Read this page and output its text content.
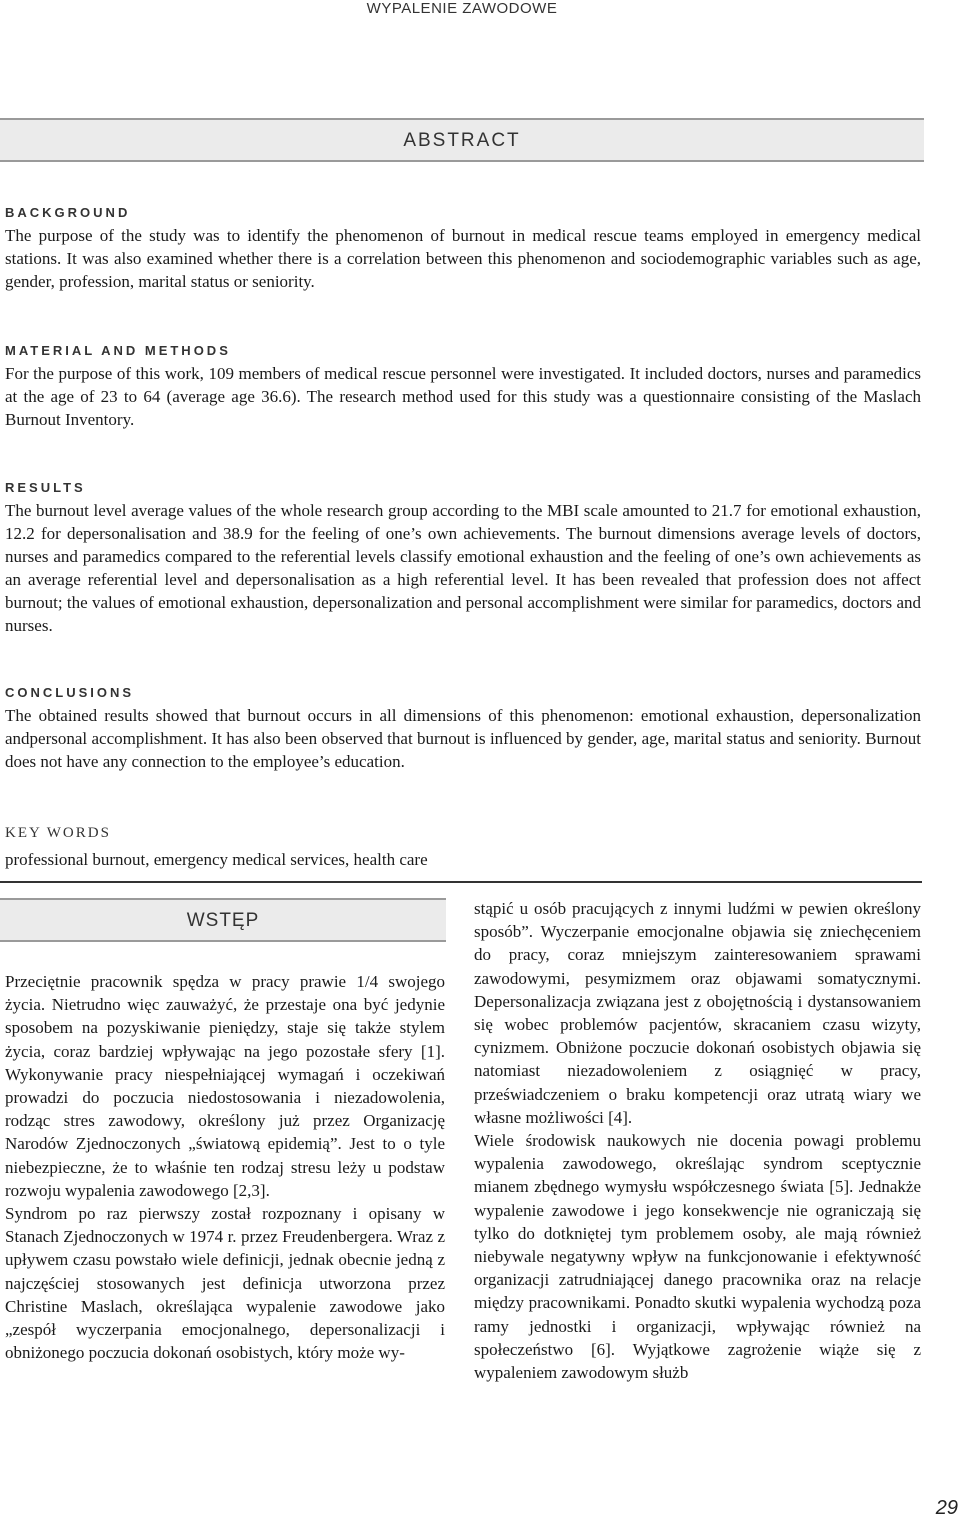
WYPALENIE ZAWODOWE
ABSTRACT
BACKGROUND

The purpose of the study was to identify the phenomenon of burnout in medical rescue teams employed in emergency medical stations. It was also examined whether there is a correlation between this phenomenon and sociodemographic variables such as age, gender, profession, marital status or seniority.

MATERIAL AND METHODS

For the purpose of this work, 109 members of medical rescue personnel were investigated. It included doctors, nurses and paramedics at the age of 23 to 64 (average age 36.6). The research method used for this study was a questionnaire consisting of the Maslach Burnout Inventory.

RESULTS

The burnout level average values of the whole research group according to the MBI scale amounted to 21.7 for emotional exhaustion, 12.2 for depersonalisation and 38.9 for the feeling of one’s own achievements. The burnout dimensions average levels of doctors, nurses and paramedics compared to the referential levels classify emotional exhaustion and the feeling of one’s own achievements as an average referential level and depersonalisation as a high referential level. It has been revealed that profession does not affect burnout; the values of emotional exhaustion, depersonalization and personal accomplishment were similar for paramedics, doctors and nurses.

CONCLUSIONS

The obtained results showed that burnout occurs in all dimensions of this phenomenon: emotional exhaustion, depersonalization andpersonal accomplishment. It has also been observed that burnout is influenced by gender, age, marital status and seniority. Burnout does not have any connection to the employee’s education.

KEY WORDS

professional burnout, emergency medical services, health care

WSTĘP

Przeciętnie pracownik spędza w pracy prawie 1/4 swojego życia. Nietrudno więc zauważyć, że przestaje ona być jedynie sposobem na pozyskiwanie pieniędzy, staje się także stylem życia, coraz bardziej wpływając na jego pozostałe sfery [1]. Wykonywanie pracy niespełniającej wymagań i oczekiwań prowadzi do poczucia niedostosowania i niezadowolenia, rodząc stres zawodowy, określony już przez Organizację Narodów Zjednoczonych „światową epidemią”. Jest to o tyle niebezpieczne, że to właśnie ten rodzaj stresu leży u podstaw rozwoju wypalenia zawodowego [2,3].

Syndrom po raz pierwszy został rozpoznany i opisany w Stanach Zjednoczonych w 1974 r. przez Freudenbergera. Wraz z upływem czasu powstało wiele definicji, jednak obecnie jedną z najczęściej stosowanych jest definicja utworzona przez Christine Maslach, określająca wypalenie zawodowe jako „zespół wyczerpania emocjonalnego, depersonalizacji i obniżonego poczucia dokonań osobistych, który może wy-

stąpić u osób pracujących z innymi ludźmi w pewien określony sposób”. Wyczerpanie emocjonalne objawia się zniechęceniem do pracy, coraz mniejszym zainteresowaniem sprawami zawodowymi, pesymizmem oraz objawami somatycznymi. Depersonalizacja związana jest z obojętnością i dystansowaniem się wobec problemów pacjentów, skracaniem czasu wizyty, cynizmem. Obniżone poczucie dokonań osobistych objawia się natomiast niezadowoleniem z osiągnięć w pracy, przeświadczeniem o braku kompetencji oraz utratą wiary we własne możliwości [4].

Wiele środowisk naukowych nie docenia powagi problemu wypalenia zawodowego, określając syndrom sceptycznie mianem zbędnego wymysłu współczesnego świata [5]. Jednakże wypalenie zawodowe i jego konsekwencje nie ograniczają się tylko do dotkniętej tym problemem osoby, ale mają również niebywale negatywny wpływ na funkcjonowanie i efektywność organizacji zatrudniającej danego pracownika oraz na relacje między pracownikami. Ponadto skutki wypalenia wychodzą poza ramy jednostki i organizacji, wpływając również na społeczeństwo [6]. Wyjątkowe zagrożenie wiąże się z wypaleniem zawodowym służb

29
